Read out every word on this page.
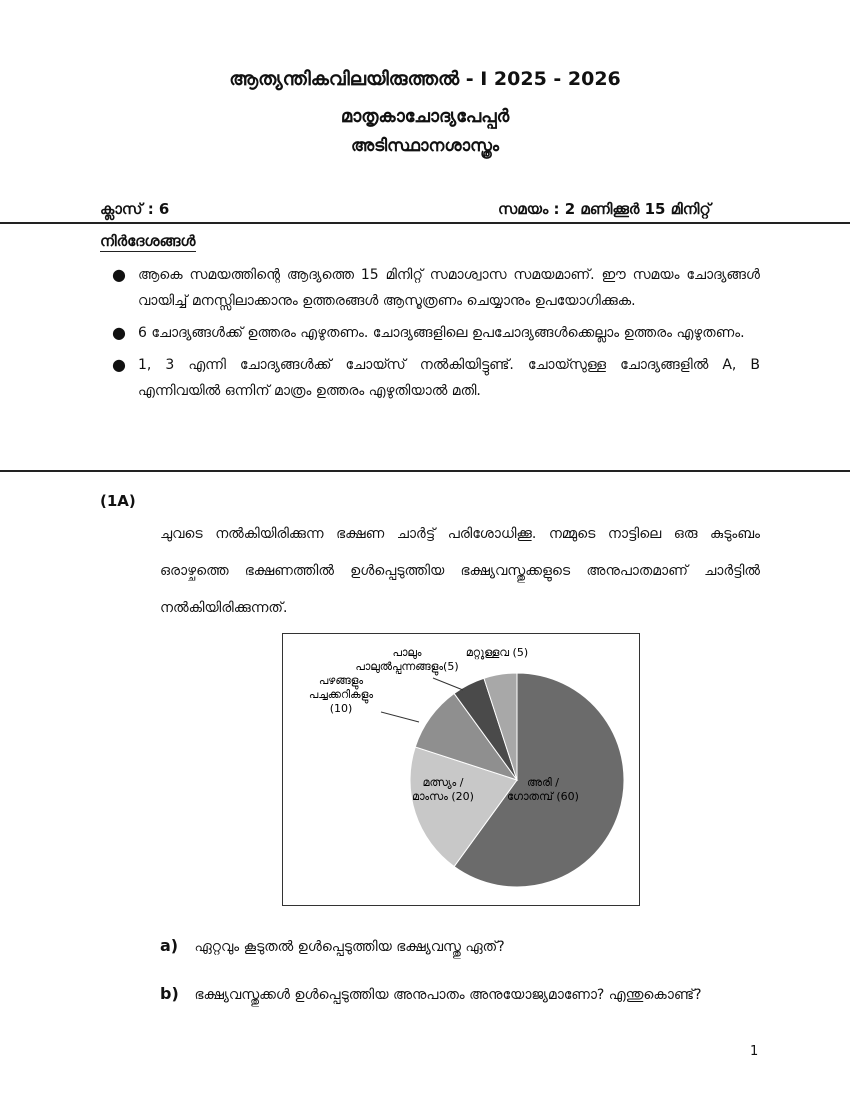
ആത്യന്തികവിലയിരുത്തൽ - I 2025 - 2026
മാതൃകാചോദ്യപേപ്പർ
അടിസ്ഥാനശാസ്ത്രം
ക്ലാസ് : 6	സമയം : 2 മണിക്കൂർ 15 മിനിറ്റ്
നിർദേശങ്ങൾ
● ആകെ സമയത്തിന്റെ ആദ്യത്തെ 15 മിനിറ്റ് സമാശ്വാസ സമയമാണ്. ഈ സമയം ചോദ്യങ്ങൾ വായിച്ച് മനസ്സിലാക്കാനും ഉത്തരങ്ങൾ ആസൂത്രണം ചെയ്യാനും ഉപയോഗിക്കുക.
● 6 ചോദ്യങ്ങൾക്ക് ഉത്തരം എഴുതണം. ചോദ്യങ്ങളിലെ ഉപചോദ്യങ്ങൾക്കെല്ലാം ഉത്തരം എഴുതണം.
● 1, 3 എന്നി ചോദ്യങ്ങൾക്ക് ചോയ്സ് നൽകിയിട്ടുണ്ട്. ചോയ്സുള്ള ചോദ്യങ്ങളിൽ A, B എന്നിവയിൽ ഒന്നിന് മാത്രം ഉത്തരം എഴുതിയാൽ മതി.
(1A)
ചുവടെ നൽകിയിരിക്കുന്ന ഭക്ഷണ ചാർട്ട് പരിശോധിക്കൂ. നമ്മുടെ നാട്ടിലെ ഒരു കുടുംബം ഒരാഴ്ചത്തെ ഭക്ഷണത്തിൽ ഉൾപ്പെടുത്തിയ ഭക്ഷ്യവസ്തുക്കളുടെ അനുപാതമാണ് ചാർട്ടിൽ നൽകിയിരിക്കുന്നത്.
അരി / ഗോതമ്പ് (60)
മത്സ്യം / മാംസം (20)
പഴങ്ങളും പച്ചക്കറികളും (10)
പാലും പാലുൽപ്പന്നങ്ങളും(5)
മറ്റുള്ളവ (5)
a) ഏറ്റവും കൂടുതൽ ഉൾപ്പെടുത്തിയ ഭക്ഷ്യവസ്തു ഏത്?
b) ഭക്ഷ്യവസ്തുക്കൾ ഉൾപ്പെടുത്തിയ അനുപാതം അനുയോജ്യമാണോ? എന്തുകൊണ്ട്?
1
